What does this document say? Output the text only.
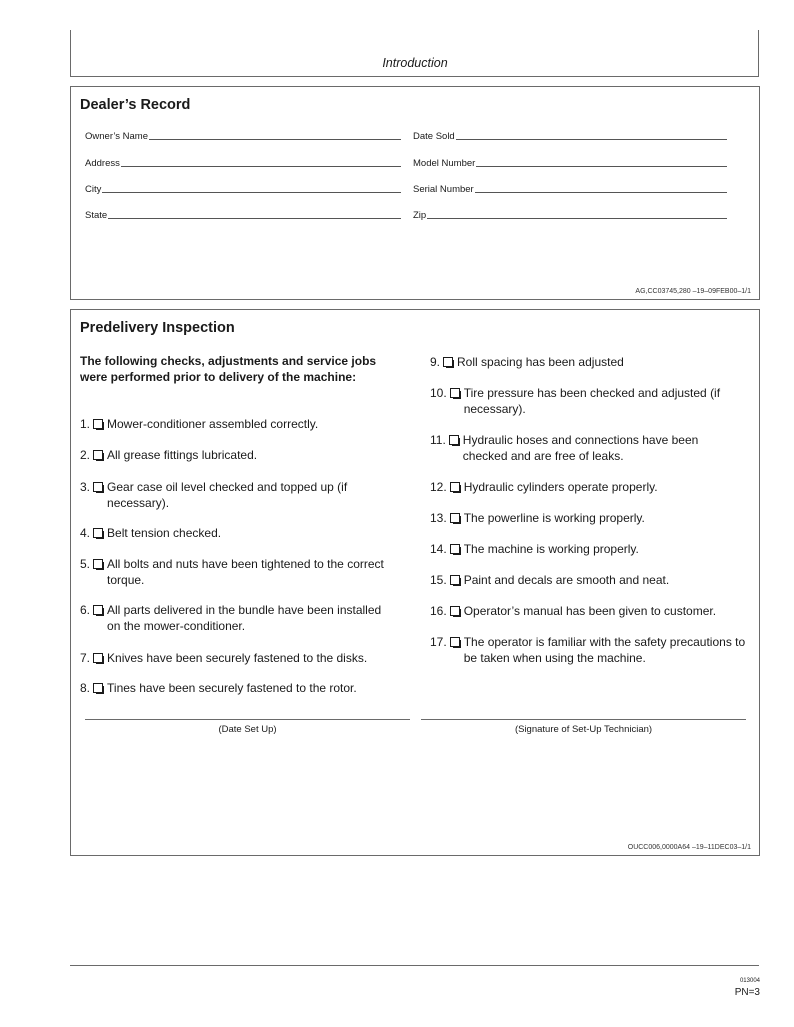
Introduction
Dealer’s Record
Owner’s Name
Address
City
State
Date Sold
Model Number
Serial Number
Zip
AG,CC03745,280 –19–09FEB00–1/1
Predelivery Inspection
The following checks, adjustments and service jobs were performed prior to delivery of the machine:
1. Mower-conditioner assembled correctly.
2. All grease fittings lubricated.
3. Gear case oil level checked and topped up (if necessary).
4. Belt tension checked.
5. All bolts and nuts have been tightened to the correct torque.
6. All parts delivered in the bundle have been installed on the mower-conditioner.
7. Knives have been securely fastened to the disks.
8. Tines have been securely fastened to the rotor.
9. Roll spacing has been adjusted
10. Tire pressure has been checked and adjusted (if necessary).
11. Hydraulic hoses and connections have been checked and are free of leaks.
12. Hydraulic cylinders operate properly.
13. The powerline is working properly.
14. The machine is working properly.
15. Paint and decals are smooth and neat.
16. Operator’s manual has been given to customer.
17. The operator is familiar with the safety precautions to be taken when using the machine.
(Date Set Up)	(Signature of Set-Up Technician)
OUCC006,0000A64 –19–11DEC03–1/1
013004
PN=3
